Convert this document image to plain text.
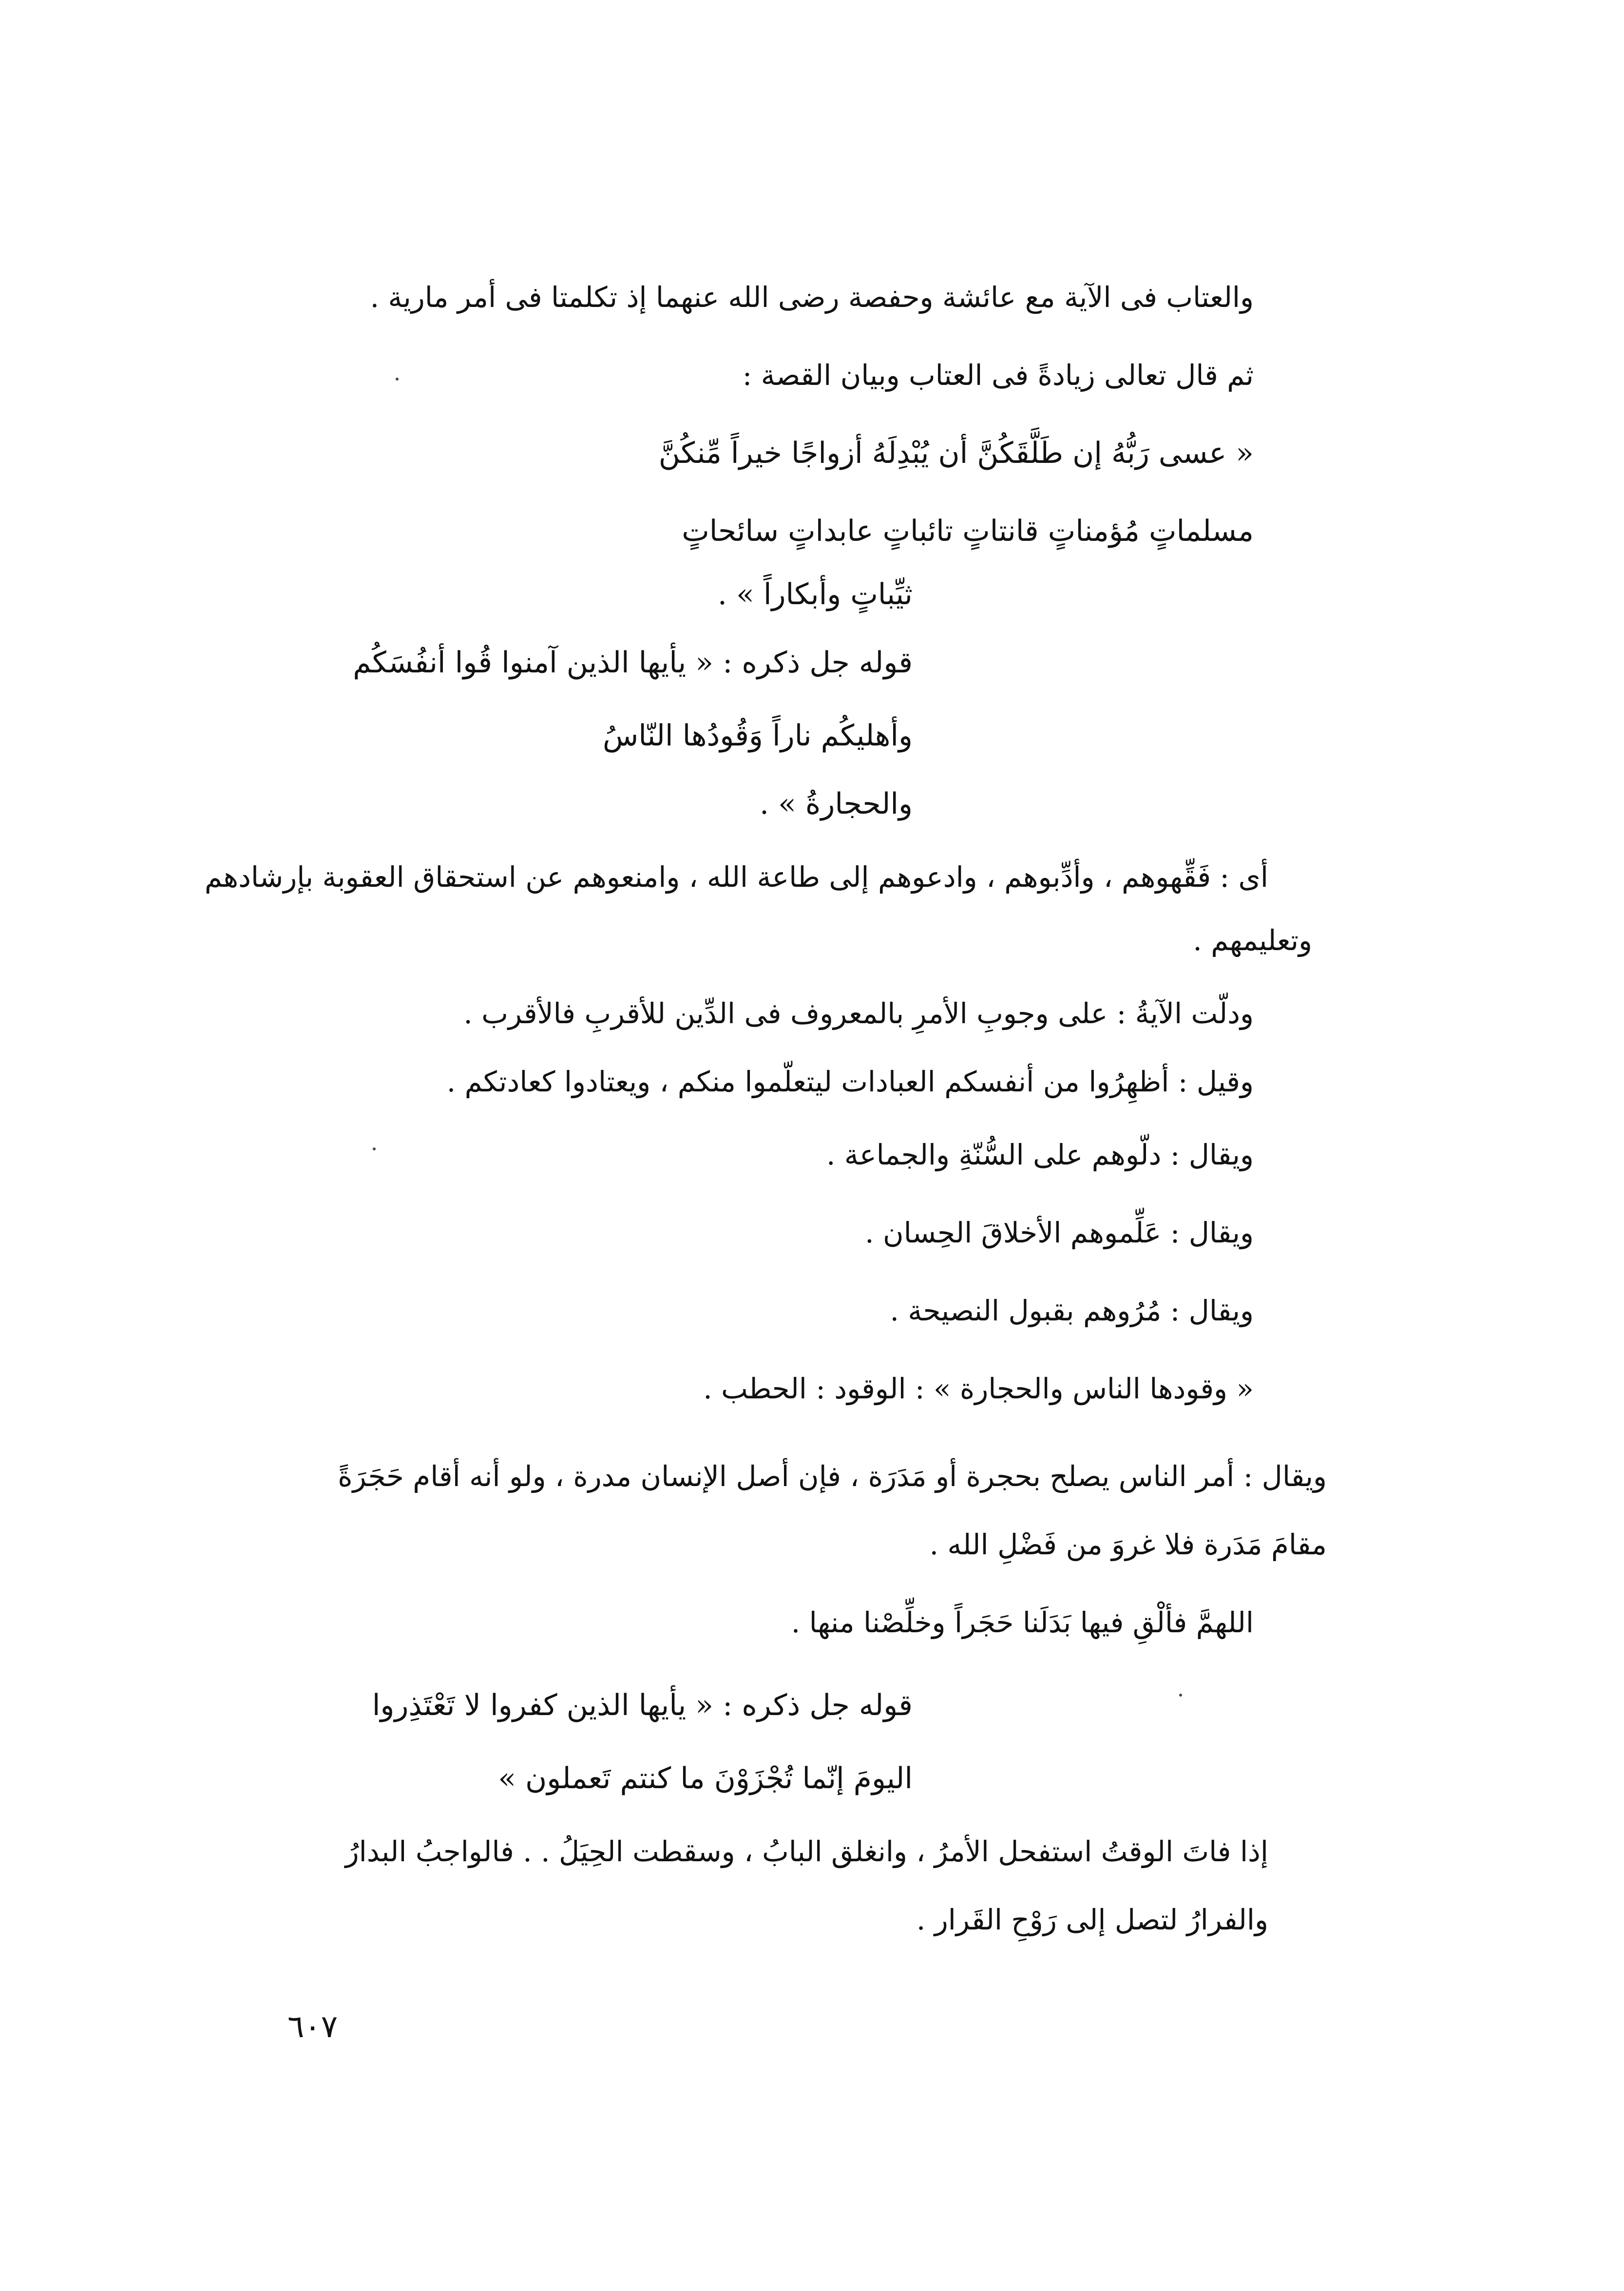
والعتاب فى الآية مع عائشة وحفصة رضى الله عنهما إذ تكلمتا فى أمر مارية .
ثم قال تعالى زيادةً فى العتاب وبيان القصة :
« عسى رَبُّهُ إن طَلَّقَكُنَّ أن يُبْدِلَهُ أزواجًا خيراً مِّنكُنَّ
مسلماتٍ مُؤمناتٍ قانتاتٍ تائباتٍ عابداتٍ سائحاتٍ
ثيِّباتٍ وأبكاراً » .
قوله جل ذكره : « يأيها الذين آمنوا قُوا أنفُسَكُم
وأهليكُم ناراً وَقُودُها النّاسُ
والحجارةُ » .
أى : فَقِّهوهم ، وأدِّبوهم ، وادعوهم إلى طاعة الله ، وامنعوهم عن استحقاق العقوبة بإرشادهم
وتعليمهم .
ودلّت الآيةُ : على وجوبِ الأمرِ بالمعروف فى الدِّين للأقربِ فالأقرب .
وقيل : أظهِرُوا من أنفسكم العبادات ليتعلّموا منكم ، ويعتادوا كعادتكم .
ويقال : دلّوهم على السُّنّةِ والجماعة .
ويقال : عَلِّموهم الأخلاقَ الحِسان .
ويقال : مُرُوهم بقبول النصيحة .
« وقودها الناس والحجارة » : الوقود : الحطب .
ويقال : أمر الناس يصلح بحجرة أو مَدَرَة ، فإن أصل الإنسان مدرة ، ولو أنه أقام حَجَرَةً
مقامَ مَدَرة فلا غروَ من فَضْلِ الله .
اللهمَّ فألْقِ فيها بَدَلَنا حَجَراً وخلِّصْنا منها .
قوله جل ذكره : « يأيها الذين كفروا لا تَعْتَذِروا
اليومَ إنّما تُجْزَوْنَ ما كنتم تَعملون »
إذا فاتَ الوقتُ استفحل الأمرُ ، وانغلق البابُ ، وسقطت الحِيَلُ . . فالواجبُ البدارُ
والفرارُ لتصل إلى رَوْحِ القَرار .
٦٠٧
